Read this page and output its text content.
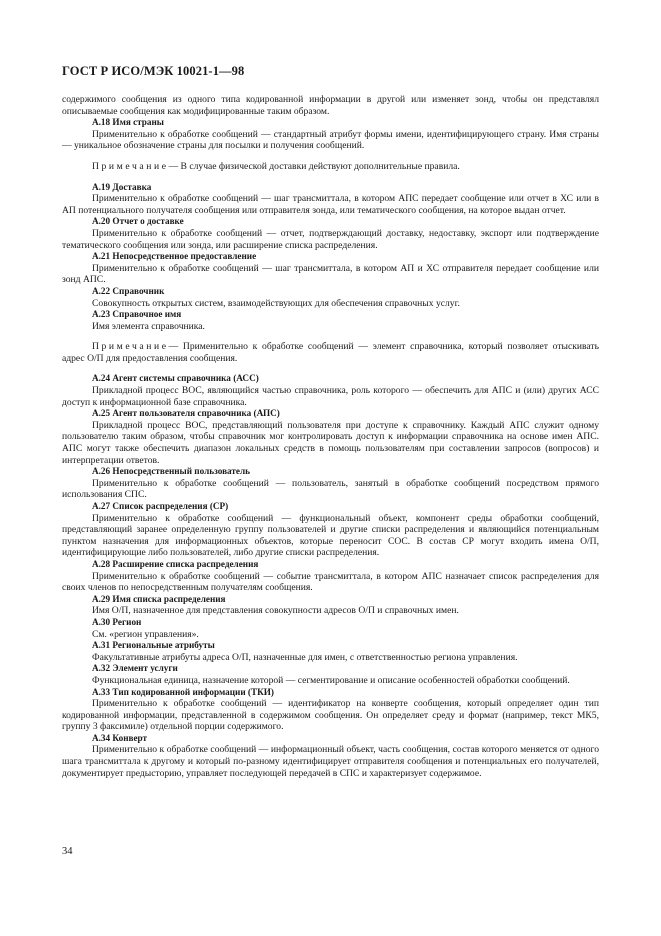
ГОСТ Р ИСО/МЭК 10021-1—98

содержимого сообщения из одного типа кодированной информации в другой или изменяет зонд, чтобы он представлял описываемые сообщения как модифицированные таким образом.

А.18 Имя страны

Применительно к обработке сообщений — стандартный атрибут формы имени, идентифицирующего страну. Имя страны — уникальное обозначение страны для посылки и получения сообщений.

Примечание— В случае физической доставки действуют дополнительные правила.

А.19 Доставка

Применительно к обработке сообщений — шаг трансмиттала, в котором АПС передает сообщение или отчет в ХС или в АП потенциального получателя сообщения или отправителя зонда, или тематического сообщения, на которое выдан отчет.

А.20 Отчет о доставке

Применительно к обработке сообщений — отчет, подтверждающий доставку, недоставку, экспорт или подтверждение тематического сообщения или зонда, или расширение списка распределения.

А.21 Непосредственное предоставление

Применительно к обработке сообщений — шаг трансмиттала, в котором АП и ХС отправителя передает сообщение или зонд АПС.

А.22 Справочник

Совокупность открытых систем, взаимодействующих для обеспечения справочных услуг.

А.23 Справочное имя

Имя элемента справочника.

Примечание— Применительно к обработке сообщений — элемент справочника, который позволяет отыскивать адрес О/П для предоставления сообщения.

А.24 Агент системы справочника (АСС)

Прикладной процесс ВОС, являющийся частью справочника, роль которого — обеспечить для АПС и (или) других АСС доступ к информационной базе справочника.

А.25 Агент пользователя справочника (АПС)

Прикладной процесс ВОС, представляющий пользователя при доступе к справочнику. Каждый АПС служит одному пользователю таким образом, чтобы справочник мог контролировать доступ к информации справочника на основе имен АПС. АПС могут также обеспечить диапазон локальных средств в помощь пользователям при составлении запросов (вопросов) и интерпретации ответов.

А.26 Непосредственный пользователь

Применительно к обработке сообщений — пользователь, занятый в обработке сообщений посредством прямого использования СПС.

А.27 Список распределения (СР)

Применительно к обработке сообщений — функциональный объект, компонент среды обработки сообщений, представляющий заранее определенную группу пользователей и другие списки распределения и являющийся потенциальным пунктом назначения для информационных объектов, которые переносит СОС. В состав СР могут входить имена О/П, идентифицирующие либо пользователей, либо другие списки распределения.

А.28 Расширение списка распределения

Применительно к обработке сообщений — событие трансмиттала, в котором АПС назначает список распределения для своих членов по непосредственным получателям сообщения.

А.29 Имя списка распределения

Имя О/П, назначенное для представления совокупности адресов О/П и справочных имен.

А.30 Регион

См. «регион управления».

А.31 Региональные атрибуты

Факультативные атрибуты адреса О/П, назначенные для имен, с ответственностью региона управления.

А.32 Элемент услуги

Функциональная единица, назначение которой — сегментирование и описание особенностей обработки сообщений.

А.33 Тип кодированной информации (ТКИ)

Применительно к обработке сообщений — идентификатор на конверте сообщения, который определяет один тип кодированной информации, представленной в содержимом сообщения. Он определяет среду и формат (например, текст МК5, группу 3 факсимиле) отдельной порции содержимого.

А.34 Конверт

Применительно к обработке сообщений — информационный объект, часть сообщения, состав которого меняется от одного шага трансмиттала к другому и который по-разному идентифицирует отправителя сообщения и потенциальных его получателей, документирует предысторию, управляет последующей передачей в СПС и характеризует содержимое.

34
